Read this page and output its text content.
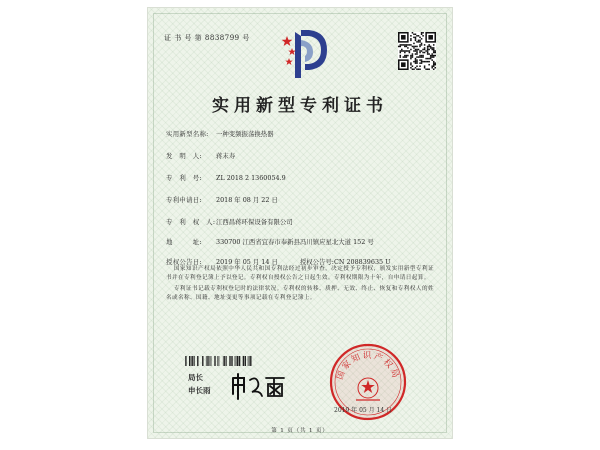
证 书 号 第 8838799 号
实用新型专利证书
实用新型名称: 一种变频振荡换热器
发　明　人: 蒋末寿
专　利　号: ZL 2018 2 1360054.9
专利申请日: 2018 年 08 月 22 日
专　利　权　人:江西昌蒋环保设备有限公司
地　　　址: 330700 江西省宜春市奉新县冯川镇应星北大道 152 号
授权公告日: 2019 年 05 月 14 日	授权公告号:CN 208839635 U

国家知识产权局依照中华人民共和国专利法经过初步审查，决定授予专利权，颁发实用新型专利证书并在专利登记簿上予以登记。专利权自授权公告之日起生效。专利权期限为十年，自申请日起算。

专利证书记载专利权登记时的法律状况。专利权的转移、质押、无效、终止、恢复和专利权人的姓名或名称、国籍、地址变更等事项记载在专利登记簿上。

局长
申长雨
国家知识产权局
2019 年 05 月 14 日
第 1 页（共 1 页）
